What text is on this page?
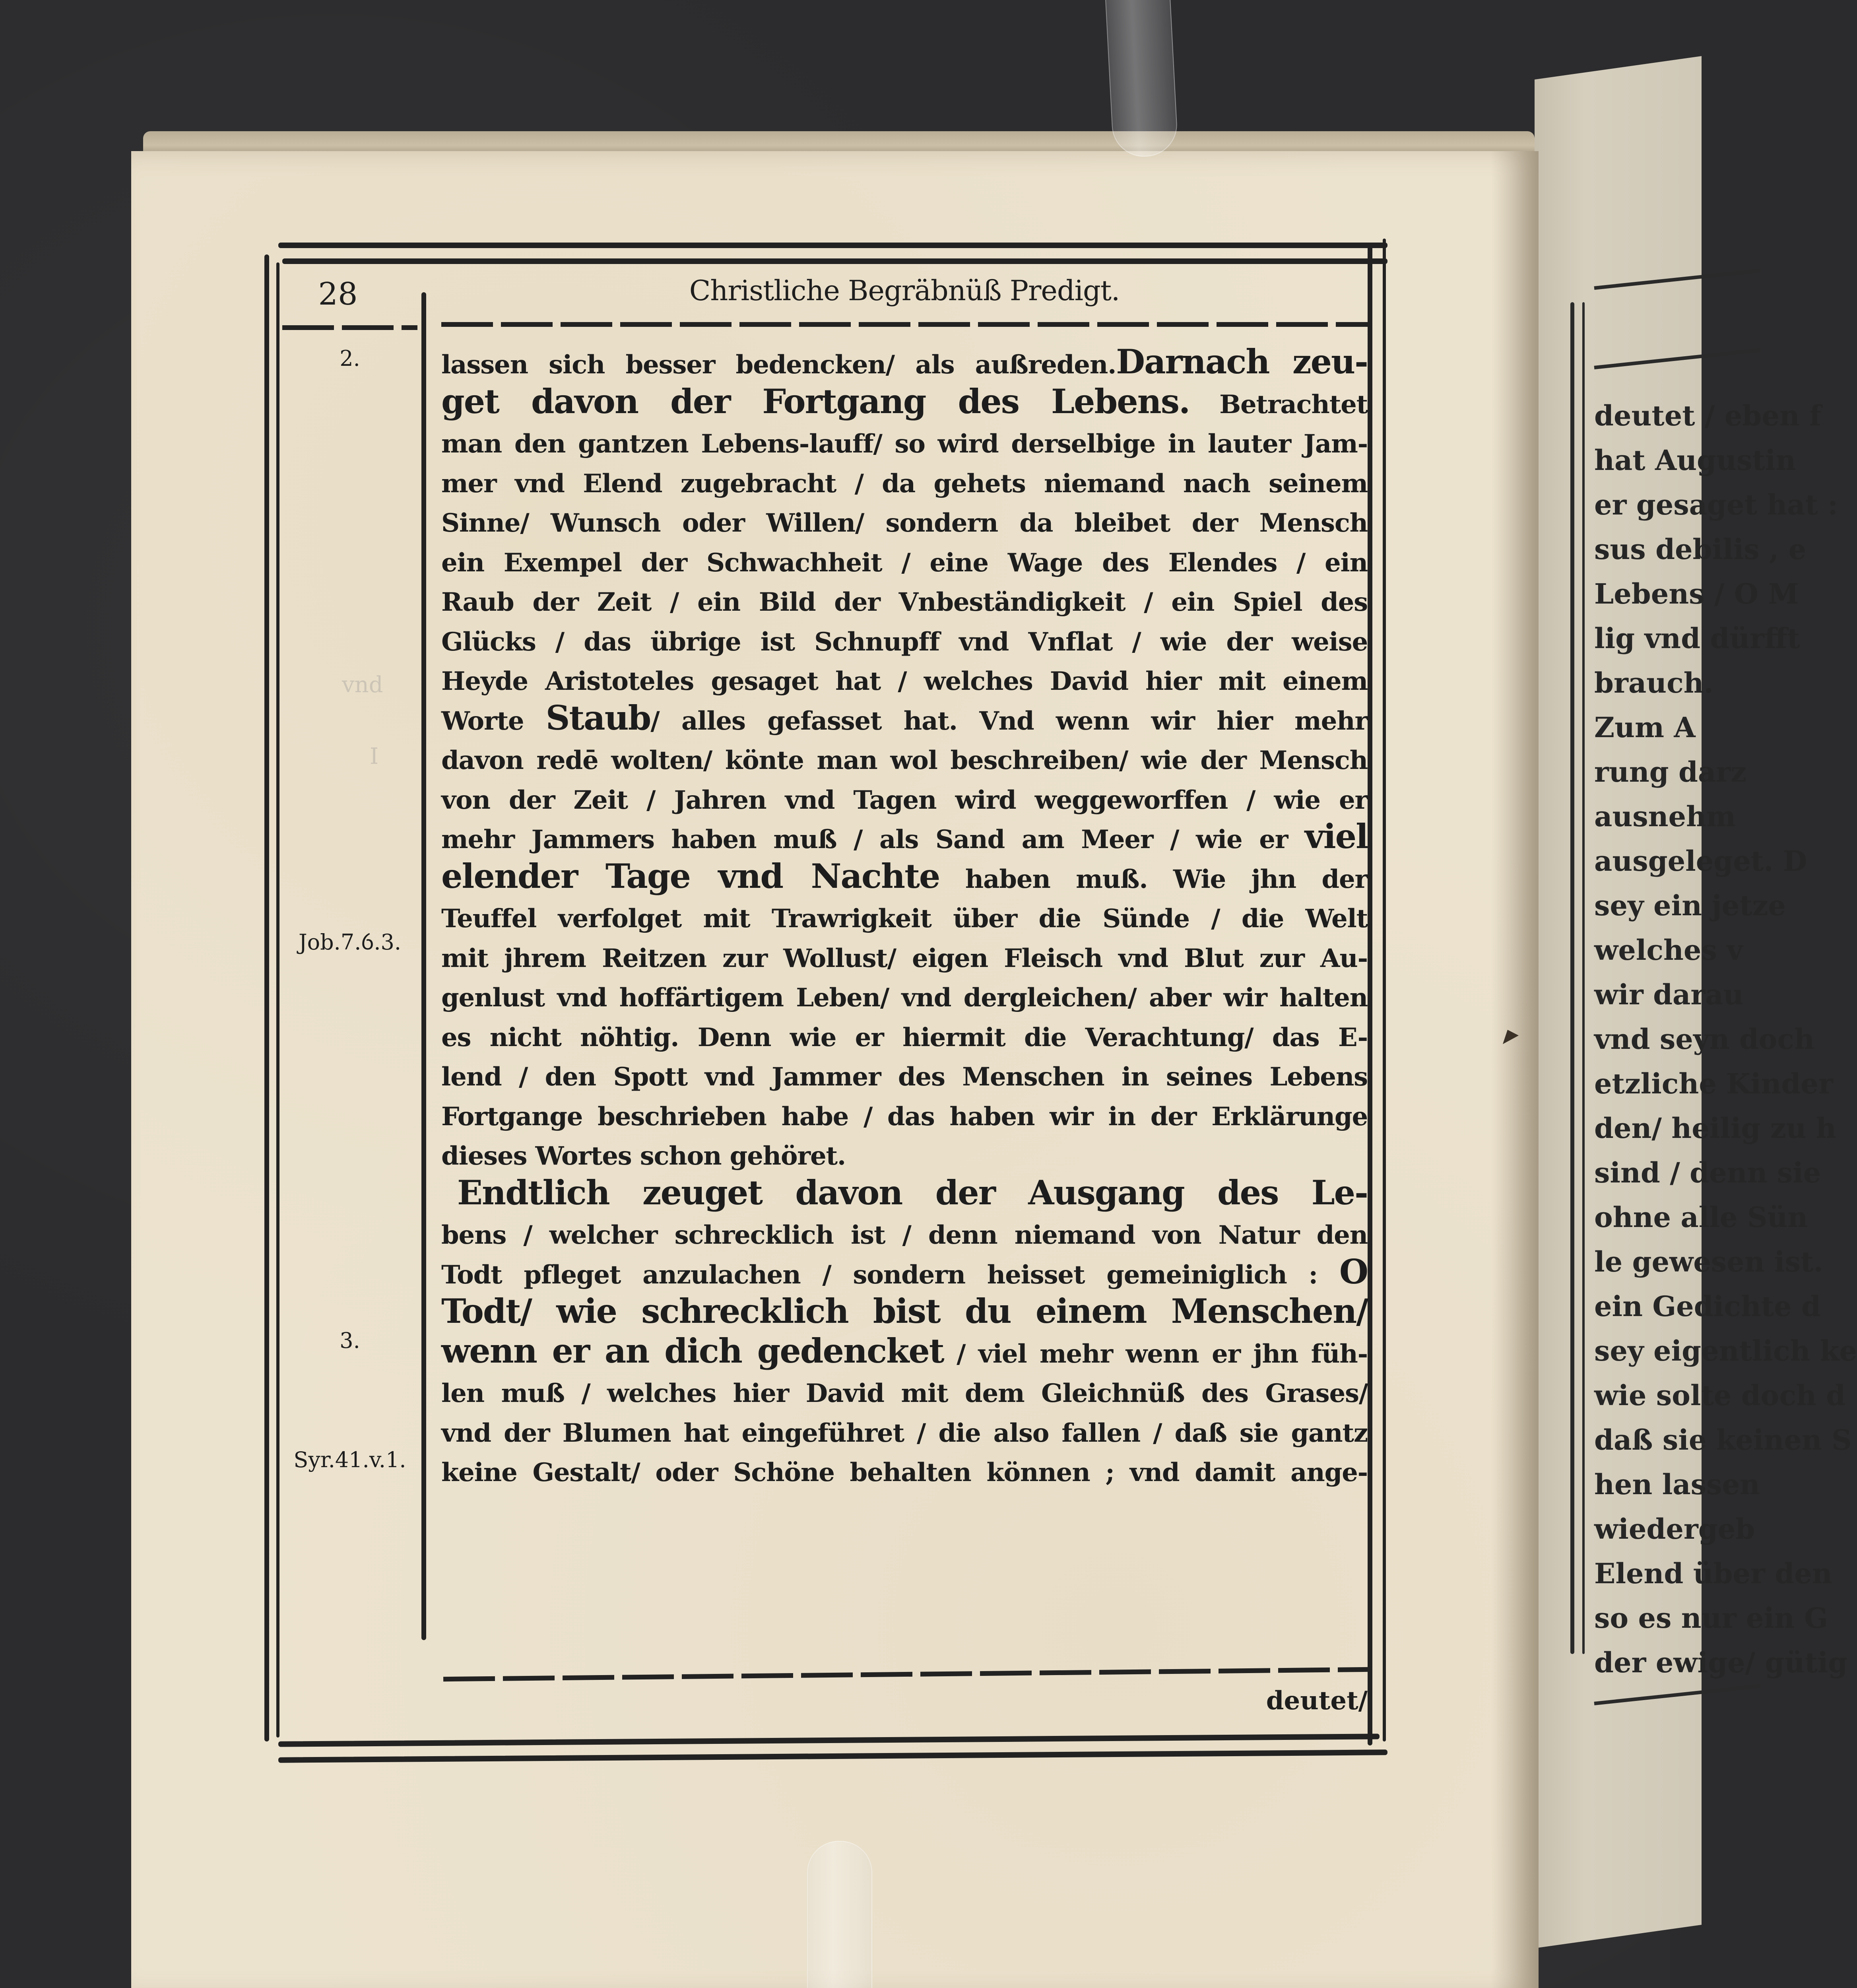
deutet / eben f
hat Augustin
er gesaget hat :
sus debilis , e
Lebens / O M
lig vnd dürfft
brauch.
Zum A
rung darz
ausnehm
ausgeleget. D
sey ein jetze
welches v
wir darau
vnd seyn doch
etzliche Kinder
den/ heilig zu h
sind / denn sie
ohne alle Sün
le gewesen ist.
ein Gedichte d
sey eigentlich ke
wie solte doch d
daß sie keinen S
hen lassen
wiedergeb
Elend über den
so es nur ein G
der ewige/ gütig
28	Christliche Begräbnüß Predigt.
2.
Job.7.ỽ.3.
3.
Syr.41.v.1.
vnd
I
lassen sich besser bedencken/ als außreden.Darnach zeu-
get davon der Fortgang des Lebens. Betrachtet
man den gantzen Lebens-lauff/ so wird derselbige in lauter Jam-
mer vnd Elend zugebracht / da gehets niemand nach seinem
Sinne/ Wunsch oder Willen/ sondern da bleibet der Mensch
ein Exempel der Schwachheit / eine Wage des Elendes / ein
Raub der Zeit / ein Bild der Vnbeständigkeit / ein Spiel des
Glücks / das übrige ist Schnupff vnd Vnflat / wie der weise
Heyde Aristoteles gesaget hat / welches David hier mit einem
Worte Staub/ alles gefasset hat. Vnd wenn wir hier mehr
davon redē wolten/ könte man wol beschreiben/ wie der Mensch
von der Zeit / Jahren vnd Tagen wird weggeworffen / wie er
mehr Jammers haben muß / als Sand am Meer / wie er viel
elender Tage vnd Nachte haben muß. Wie jhn der
Teuffel verfolget mit Trawrigkeit über die Sünde / die Welt
mit jhrem Reitzen zur Wollust/ eigen Fleisch vnd Blut zur Au-
genlust vnd hoffärtigem Leben/ vnd dergleichen/ aber wir halten
es nicht nöhtig. Denn wie er hiermit die Verachtung/ das E-
lend / den Spott vnd Jammer des Menschen in seines Lebens
Fortgange beschrieben habe / das haben wir in der Erklärunge
dieses Wortes schon gehöret.
Endtlich zeuget davon der Ausgang des Le-
bens / welcher schrecklich ist / denn niemand von Natur den
Todt pfleget anzulachen / sondern heisset gemeiniglich : O
Todt/ wie schrecklich bist du einem Menschen/
wenn er an dich gedencket / viel mehr wenn er jhn füh-
len muß / welches hier David mit dem Gleichnüß des Grases/
vnd der Blumen hat eingeführet / die also fallen / daß sie gantz
keine Gestalt/ oder Schöne behalten können ; vnd damit ange-
deutet/
